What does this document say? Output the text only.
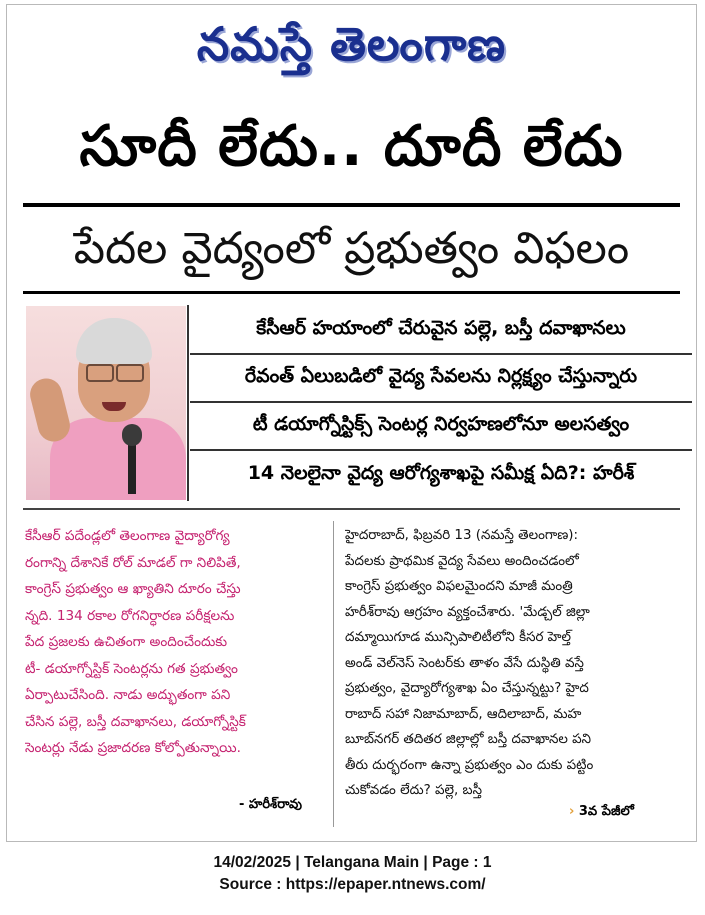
నమస్తే తెలంగాణ
సూదీ లేదు.. దూదీ లేదు
పేదల వైద్యంలో ప్రభుత్వం విఫలం
కేసీఆర్ హయాంలో చేరువైన పల్లె, బస్తీ దవాఖానలు
రేవంత్ ఏలుబడిలో వైద్య సేవలను నిర్లక్ష్యం చేస్తున్నారు
టీ డయాగ్నోస్టిక్స్ సెంటర్ల నిర్వహణలోనూ అలసత్వం
14 నెలలైనా వైద్య ఆరోగ్యశాఖపై సమీక్ష ఏది?: హరీశ్

కేసీఆర్ పదేండ్లలో తెలంగాణ వైద్యారోగ్య

రంగాన్ని దేశానికే రోల్ మాడల్ గా నిలిపితే,

కాంగ్రెస్ ప్రభుత్వం ఆ ఖ్యాతిని దూరం చేస్తు

న్నది. 134 రకాల రోగనిర్ధారణ పరీక్షలను

పేద ప్రజలకు ఉచితంగా అందించేందుకు

టీ- డయాగ్నోస్టిక్ సెంటర్లను గత ప్రభుత్వం

ఏర్పాటుచేసింది. నాడు అద్భుతంగా పని

చేసిన పల్లె, బస్తీ దవాఖానలు, డయాగ్నోస్టిక్

సెంటర్లు నేడు ప్రజాదరణ కోల్పోతున్నాయి.

- హరీశ్‌రావు

హైదరాబాద్, ఫిబ్రవరి 13 (నమస్తే తెలంగాణ):

పేదలకు ప్రాథమిక వైద్య సేవలు అందించడంలో

కాంగ్రెస్ ప్రభుత్వం విఫలమైందని మాజీ మంత్రి

హరీశ్‌రావు ఆగ్రహం వ్యక్తంచేశారు. 'మేడ్చల్ జిల్లా

దమ్మాయిగూడ మున్సిపాలిటీలోని కీసర హెల్త్

అండ్ వెల్‌నెస్ సెంటర్‌కు తాళం వేసే దుస్థితి వస్తే

ప్రభుత్వం, వైద్యారోగ్యశాఖ ఏం చేస్తున్నట్టు? హైద

రాబాద్ సహా నిజామాబాద్, ఆదిలాబాద్, మహ

బూబ్‌నగర్ తదితర జిల్లాల్లో బస్తీ దవాఖానల పని

తీరు దుర్భరంగా ఉన్నా ప్రభుత్వం ఎం దుకు పట్టిం

చుకోవడం లేదు? పల్లె, బస్తీ

› 3వ పేజీలో
14/02/2025 | Telangana Main | Page : 1
Source : https://epaper.ntnews.com/
